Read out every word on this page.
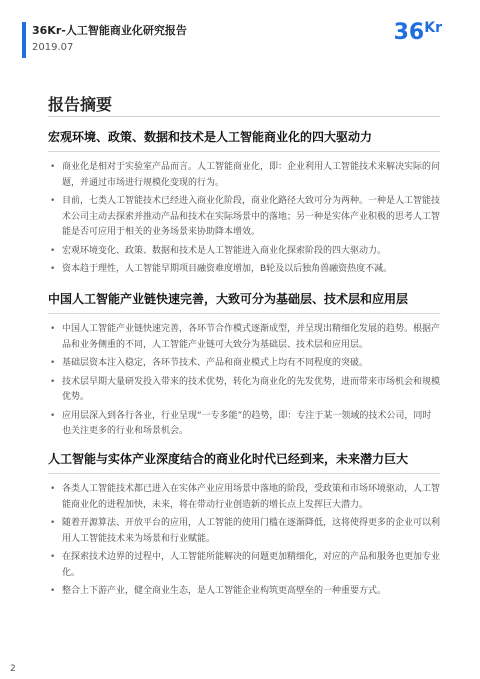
36Kr-人工智能商业化研究报告
2019.07
$36^{Kr}$
报告摘要

宏观环境、政策、数据和技术是人工智能商业化的四大驱动力

• 商业化是相对于实验室产品而言。人工智能商业化，即：企业利用人工智能技术来解决实际的问题，并通过市场进行规模化变现的行为。
• 目前，七类人工智能技术已经进入商业化阶段，商业化路径大致可分为两种。一种是人工智能技术公司主动去探索并推动产品和技术在实际场景中的落地；另一种是实体产业积极的思考人工智能是否可应用于相关的业务场景来协助降本增效。
• 宏观环境变化、政策、数据和技术是人工智能进入商业化探索阶段的四大驱动力。
• 资本趋于理性，人工智能早期项目融资难度增加，B轮及以后独角兽融资热度不减。

中国人工智能产业链快速完善，大致可分为基础层、技术层和应用层

• 中国人工智能产业链快速完善，各环节合作模式逐渐成型，并呈现出精细化发展的趋势。根据产品和业务侧重的不同，人工智能产业链可大致分为基础层、技术层和应用层。
• 基础层资本注入稳定，各环节技术、产品和商业模式上均有不同程度的突破。
• 技术层早期大量研发投入带来的技术优势，转化为商业化的先发优势，进而带来市场机会和规模优势。
• 应用层深入到各行各业，行业呈现“一专多能”的趋势，即：专注于某一领域的技术公司，同时也关注更多的行业和场景机会。

人工智能与实体产业深度结合的商业化时代已经到来，未来潜力巨大

• 各类人工智能技术都已进入在实体产业应用场景中落地的阶段，受政策和市场环境驱动，人工智能商业化的进程加快，未来，将在带动行业创造新的增长点上发挥巨大潜力。
• 随着开源算法、开放平台的应用，人工智能的使用门槛在逐渐降低，这将使得更多的企业可以利用人工智能技术来为场景和行业赋能。
• 在探索技术边界的过程中，人工智能所能解决的问题更加精细化，对应的产品和服务也更加专业化。
• 整合上下游产业，健全商业生态，是人工智能企业构筑更高壁垒的一种重要方式。
2
